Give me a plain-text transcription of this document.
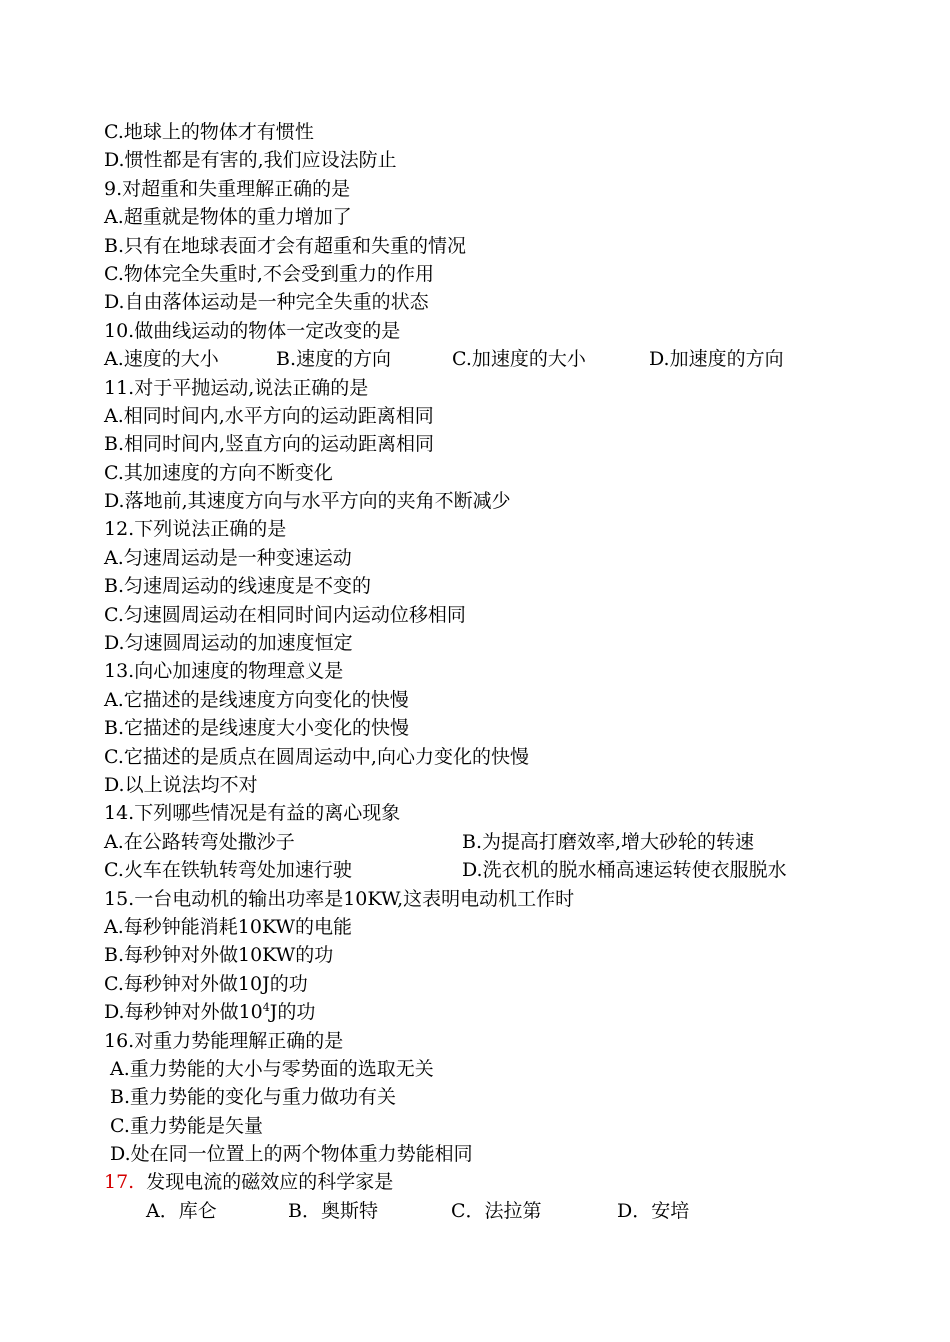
C.地球上的物体才有惯性
D.惯性都是有害的,我们应设法防止
9.对超重和失重理解正确的是
A.超重就是物体的重力增加了
B.只有在地球表面才会有超重和失重的情况
C.物体完全失重时,不会受到重力的作用
D.自由落体运动是一种完全失重的状态
10.做曲线运动的物体一定改变的是
A.速度的大小	B.速度的方向	C.加速度的大小	D.加速度的方向
11.对于平抛运动,说法正确的是
A.相同时间内,水平方向的运动距离相同
B.相同时间内,竖直方向的运动距离相同
C.其加速度的方向不断变化
D.落地前,其速度方向与水平方向的夹角不断减少
12.下列说法正确的是
A.匀速周运动是一种变速运动
B.匀速周运动的线速度是不变的
C.匀速圆周运动在相同时间内运动位移相同
D.匀速圆周运动的加速度恒定
13.向心加速度的物理意义是
A.它描述的是线速度方向变化的快慢
B.它描述的是线速度大小变化的快慢
C.它描述的是质点在圆周运动中,向心力变化的快慢
D.以上说法均不对
14.下列哪些情况是有益的离心现象
A.在公路转弯处撒沙子	B.为提高打磨效率,增大砂轮的转速
C.火车在铁轨转弯处加速行驶	D.洗衣机的脱水桶高速运转使衣服脱水
15.一台电动机的输出功率是10KW,这表明电动机工作时
A.每秒钟能消耗10KW的电能
B.每秒钟对外做10KW的功
C.每秒钟对外做10J的功
D.每秒钟对外做$10^4J$的功
16.对重力势能理解正确的是
A.重力势能的大小与零势面的选取无关
B.重力势能的变化与重力做功有关
C.重力势能是矢量
D.处在同一位置上的两个物体重力势能相同
17.  发现电流的磁效应的科学家是
A．库仑	B．奥斯特	C．法拉第	D．安培
